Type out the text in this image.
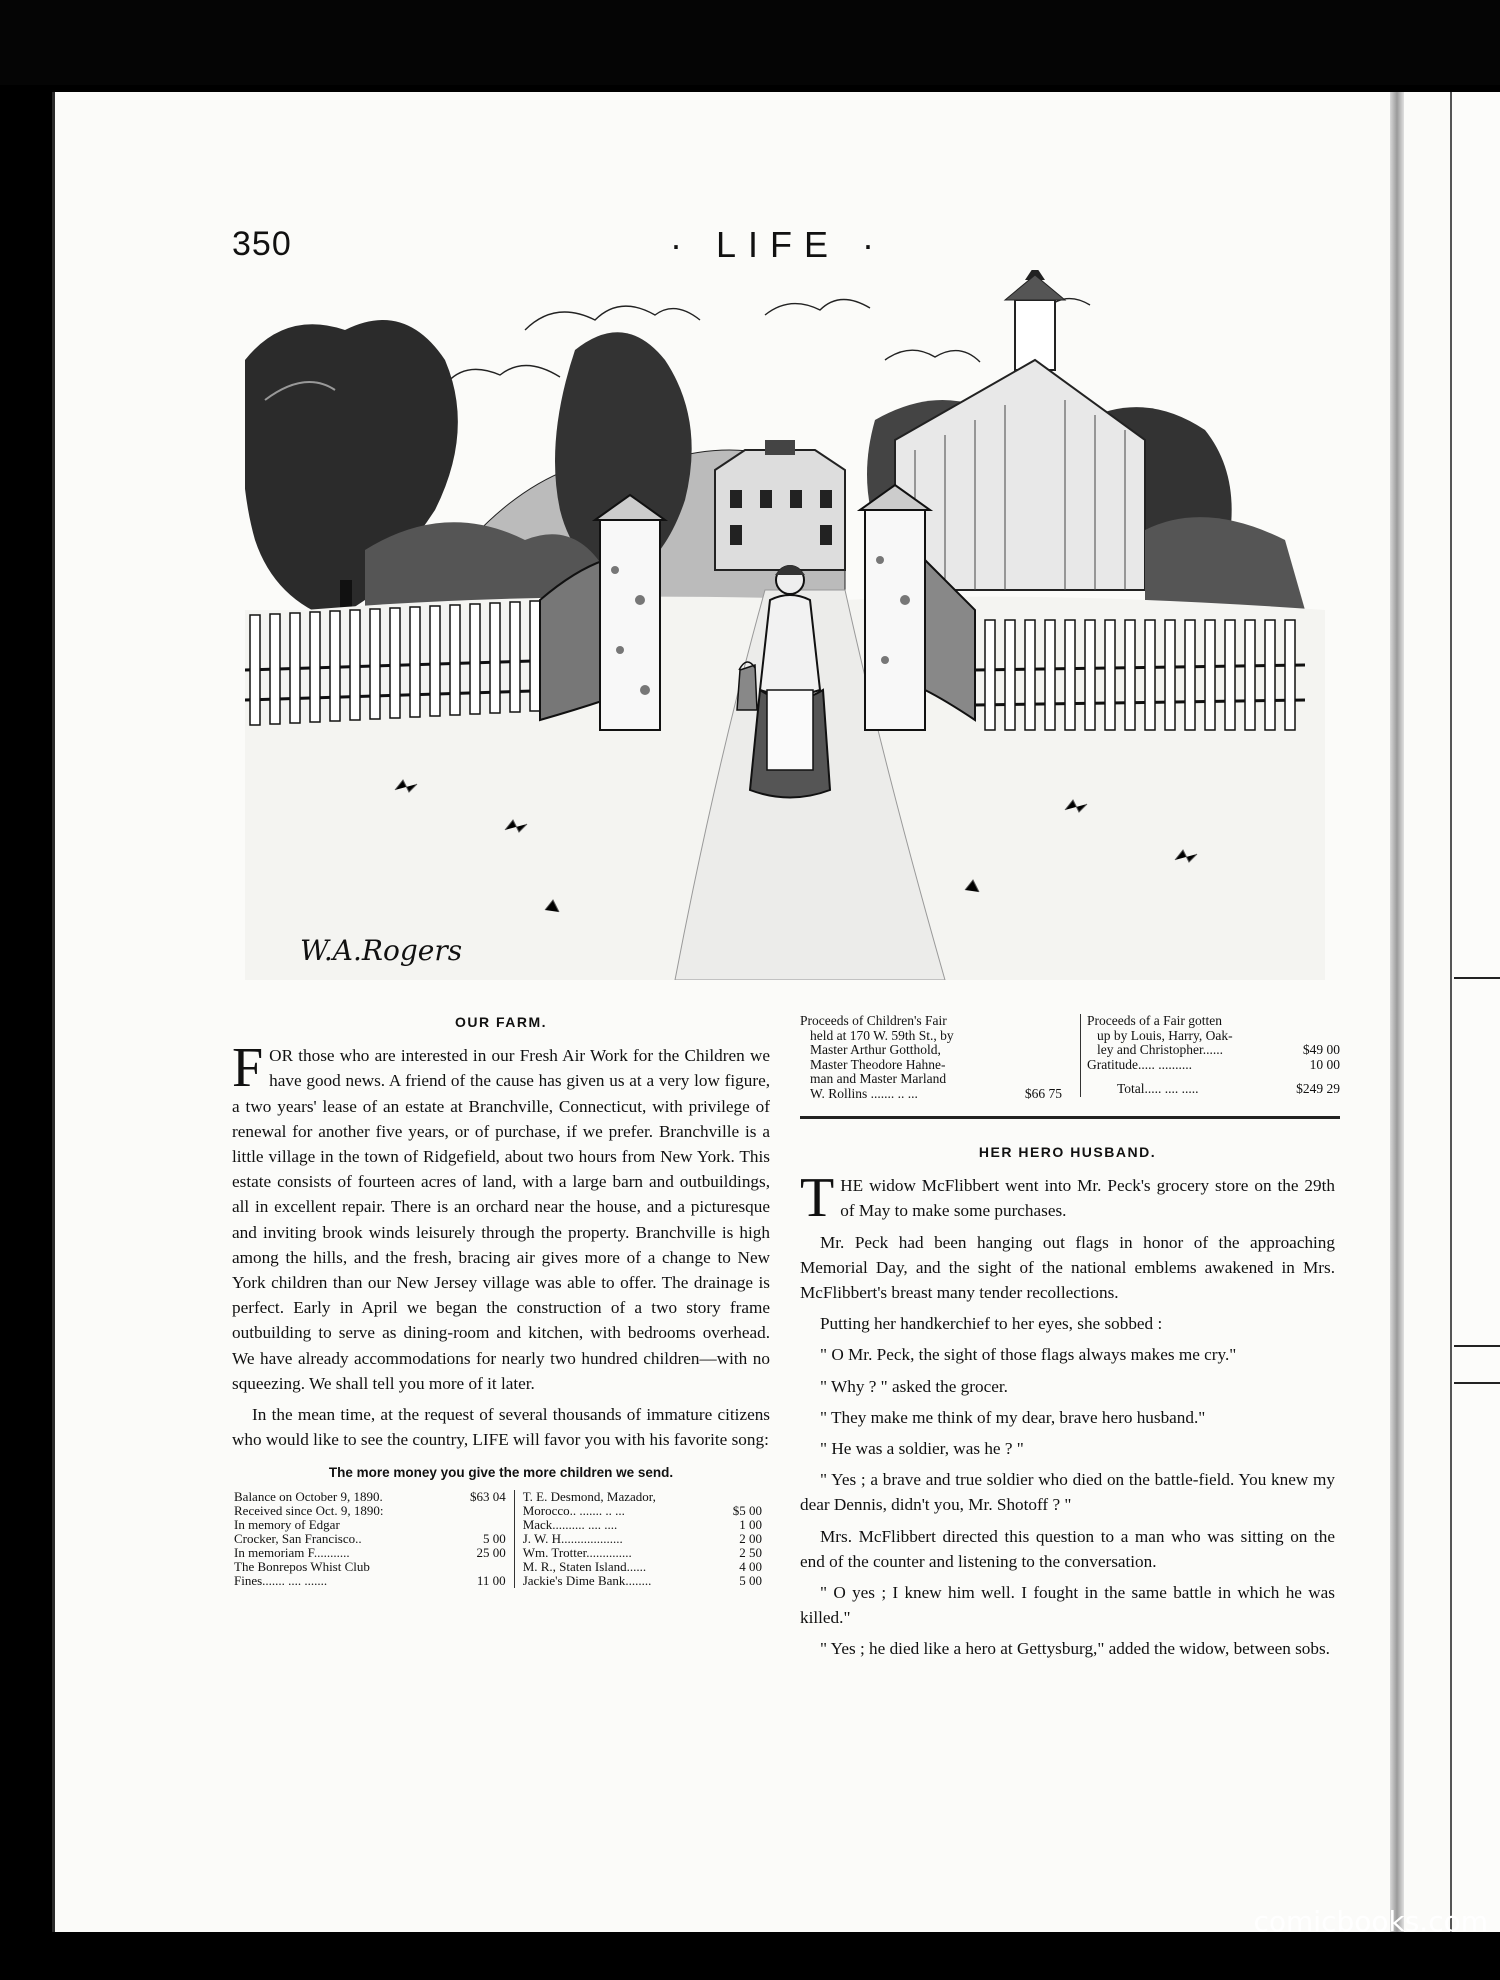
350	· LIFE ·
W.A.Rogers
OUR FARM.

FOR those who are interested in our Fresh Air Work for the Children we have good news. A friend of the cause has given us at a very low figure, a two years' lease of an estate at Branchville, Connecticut, with privilege of renewal for another five years, or of purchase, if we prefer. Branchville is a little village in the town of Ridgefield, about two hours from New York. This estate consists of fourteen acres of land, with a large barn and outbuildings, all in excellent repair. There is an orchard near the house, and a picturesque and inviting brook winds leisurely through the property. Branchville is high among the hills, and the fresh, bracing air gives more of a change to New York children than our New Jersey village was able to offer. The drainage is perfect. Early in April we began the construction of a two story frame outbuilding to serve as dining-room and kitchen, with bedrooms overhead. We have already accommodations for nearly two hundred children—with no squeezing. We shall tell you more of it later.

In the mean time, at the request of several thousands of immature citizens who would like to see the country, LIFE will favor you with his favorite song:

The more money you give the more children we send.
Balance on October 9, 1890.	$63 04		T. E. Desmond, Mazador,	
Received since Oct. 9, 1890:			Morocco.. ....... .. ...	$5 00
In memory of Edgar			Mack.......... .... ....	1 00
Crocker, San Francisco..	5 00		J. W. H...................	2 00
In memoriam F...........	25 00		Wm. Trotter..............	2 50
The Bonrepos Whist Club			M. R., Staten Island......	4 00
Fines....... .... .......	11 00		Jackie's Dime Bank........	5 00
Proceeds of Children's Fair
held at 170 W. 59th St., by
Master Arthur Gotthold,
Master Theodore Hahne-
man and Master Marland
W. Rollins ....... .. ...	$66 75
Proceeds of a Fair gotten
up by Louis, Harry, Oak-
ley and Christopher......	$49 00
Gratitude..... ..........	10 00
Total..... .... .....	$249 29
HER HERO HUSBAND.

THE widow McFlibbert went into Mr. Peck's grocery store on the 29th of May to make some purchases.

Mr. Peck had been hanging out flags in honor of the approaching Memorial Day, and the sight of the national emblems awakened in Mrs. McFlibbert's breast many tender recollections.

Putting her handkerchief to her eyes, she sobbed :

" O Mr. Peck, the sight of those flags always makes me cry."

" Why ? " asked the grocer.

" They make me think of my dear, brave hero husband."

" He was a soldier, was he ? "

" Yes ; a brave and true soldier who died on the battle-field. You knew my dear Dennis, didn't you, Mr. Shotoff ? "

Mrs. McFlibbert directed this question to a man who was sitting on the end of the counter and listening to the conversation.

" O yes ; I knew him well. I fought in the same battle in which he was killed."

" Yes ; he died like a hero at Gettysburg," added the widow, between sobs.

comicbooks.com
